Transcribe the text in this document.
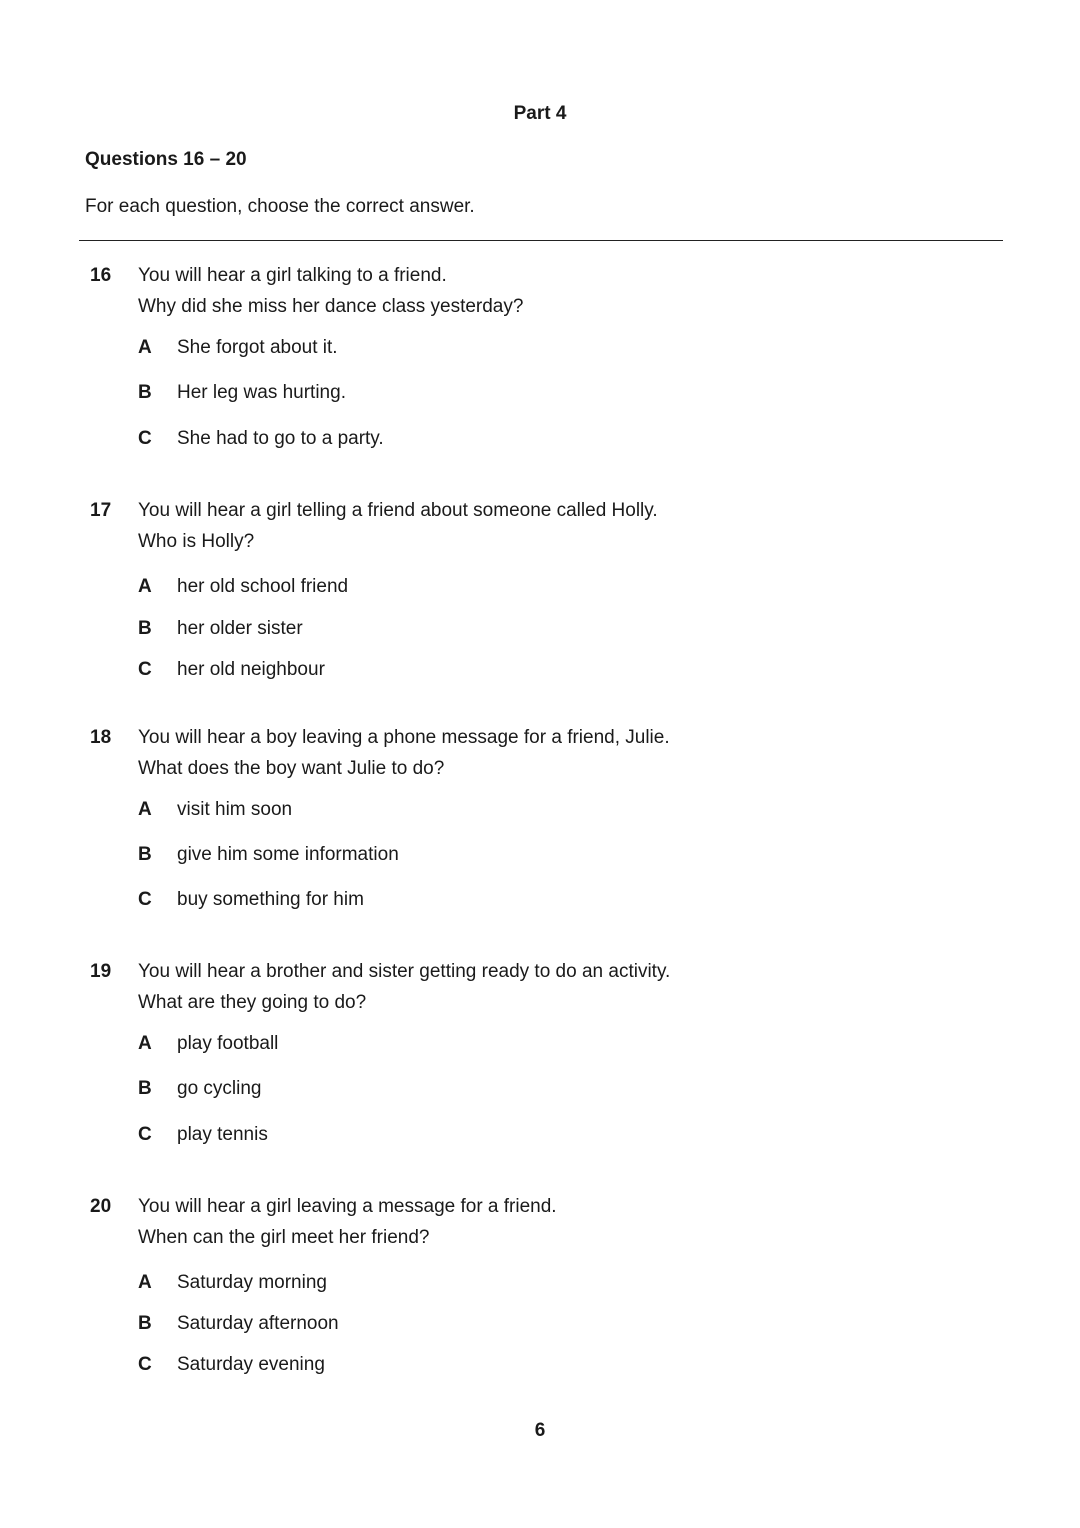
Part 4
Questions 16 – 20
For each question, choose the correct answer.
16 You will hear a girl talking to a friend.
Why did she miss her dance class yesterday?
A She forgot about it.
B Her leg was hurting.
C She had to go to a party.
17 You will hear a girl telling a friend about someone called Holly.
Who is Holly?
A her old school friend
B her older sister
C her old neighbour
18 You will hear a boy leaving a phone message for a friend, Julie.
What does the boy want Julie to do?
A visit him soon
B give him some information
C buy something for him
19 You will hear a brother and sister getting ready to do an activity.
What are they going to do?
A play football
B go cycling
C play tennis
20 You will hear a girl leaving a message for a friend.
When can the girl meet her friend?
A Saturday morning
B Saturday afternoon
C Saturday evening
6
